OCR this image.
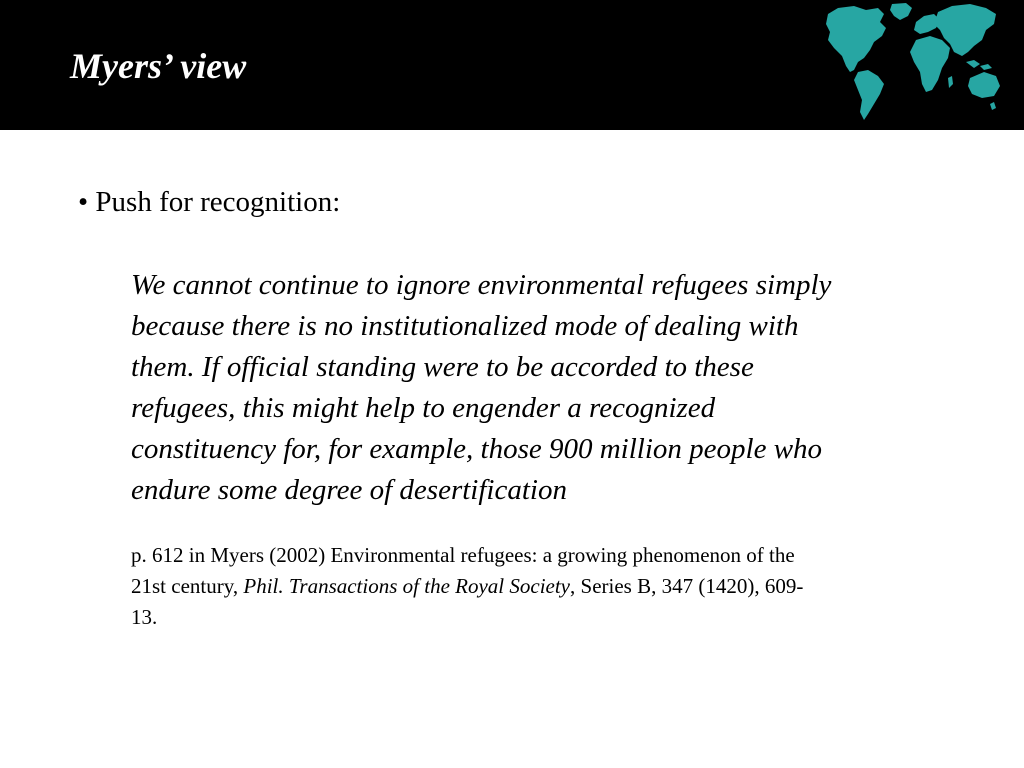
Myers’ view
• Push for recognition:
We cannot continue to ignore environmental refugees simply
because there is no institutionalized mode of dealing with
them. If official standing were to be accorded to these
refugees, this might help to engender a recognized
constituency for, for example, those 900 million people who
endure some degree of desertification
p. 612 in Myers (2002) Environmental refugees: a growing phenomenon of the
21st century, Phil. Transactions of the Royal Society, Series B, 347 (1420), 609-
13.
